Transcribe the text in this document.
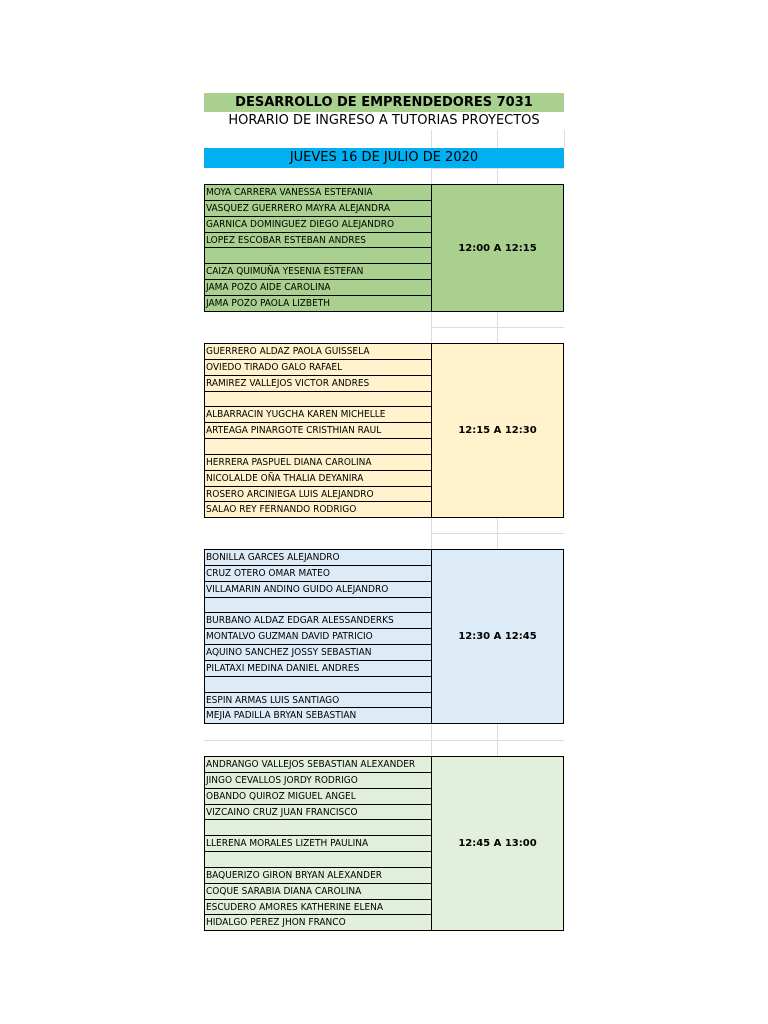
DESARROLLO DE EMPRENDEDORES 7031
HORARIO DE INGRESO A TUTORIAS PROYECTOS
JUEVES 16 DE JULIO DE 2020
MOYA CARRERA VANESSA ESTEFANIA
VASQUEZ GUERRERO MAYRA ALEJANDRA
GARNICA DOMINGUEZ DIEGO ALEJANDRO
LOPEZ ESCOBAR ESTEBAN ANDRES
CAIZA QUIMUÑA YESENIA ESTEFAN
JAMA POZO AIDE CAROLINA
JAMA POZO PAOLA LIZBETH
12:00 A 12:15
GUERRERO ALDAZ PAOLA GUISSELA
OVIEDO TIRADO GALO RAFAEL
RAMIREZ VALLEJOS VICTOR ANDRES
ALBARRACIN YUGCHA KAREN MICHELLE
ARTEAGA PINARGOTE CRISTHIAN RAUL
HERRERA PASPUEL DIANA CAROLINA
NICOLALDE OÑA THALIA DEYANIRA
ROSERO ARCINIEGA LUIS ALEJANDRO
SALAO REY FERNANDO RODRIGO
12:15 A 12:30
BONILLA GARCES ALEJANDRO
CRUZ OTERO OMAR MATEO
VILLAMARIN ANDINO GUIDO ALEJANDRO
BURBANO ALDAZ EDGAR ALESSANDERKS
MONTALVO GUZMAN DAVID PATRICIO
AQUINO SANCHEZ JOSSY SEBASTIAN
PILATAXI MEDINA DANIEL ANDRES
ESPIN ARMAS LUIS SANTIAGO
MEJIA PADILLA BRYAN SEBASTIAN
12:30 A 12:45
ANDRANGO VALLEJOS SEBASTIAN ALEXANDER
JINGO CEVALLOS JORDY RODRIGO
OBANDO QUIROZ MIGUEL ANGEL
VIZCAINO CRUZ JUAN FRANCISCO
LLERENA MORALES LIZETH PAULINA
BAQUERIZO GIRON BRYAN ALEXANDER
COQUE SARABIA DIANA CAROLINA
ESCUDERO AMORES KATHERINE ELENA
HIDALGO PEREZ JHON FRANCO
12:45 A 13:00
